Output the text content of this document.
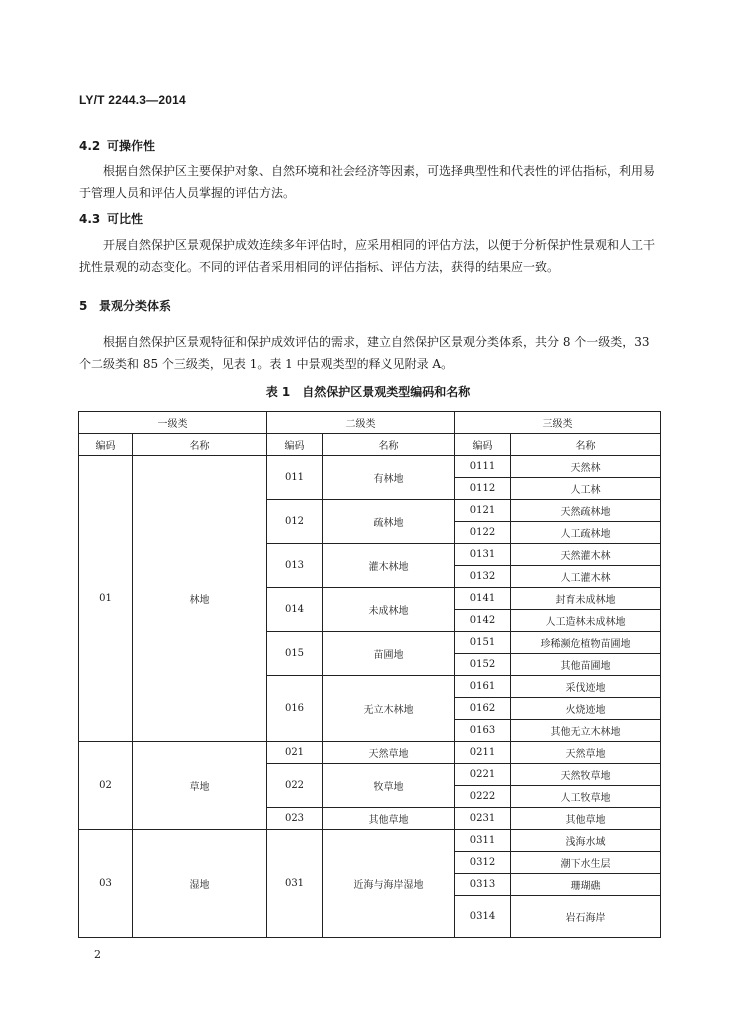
LY/T 2244.3—2014
4.2 可操作性
根据自然保护区主要保护对象、自然环境和社会经济等因素，可选择典型性和代表性的评估指标，利用易于管理人员和评估人员掌握的评估方法。
4.3 可比性
开展自然保护区景观保护成效连续多年评估时，应采用相同的评估方法，以便于分析保护性景观和人工干扰性景观的动态变化。不同的评估者采用相同的评估指标、评估方法，获得的结果应一致。
5 景观分类体系
根据自然保护区景观特征和保护成效评估的需求，建立自然保护区景观分类体系，共分 8 个一级类，33 个二级类和 85 个三级类，见表 1。表 1 中景观类型的释义见附录 A。
表 1　自然保护区景观类型编码和名称
一级类		二级类		三级类	
编码	名称	编码	名称	编码	名称
01	林地	011	有林地	0111	天然林
				0112	人工林
		012	疏林地	0121	天然疏林地
				0122	人工疏林地
		013	灌木林地	0131	天然灌木林
				0132	人工灌木林
		014	未成林地	0141	封育未成林地
				0142	人工造林未成林地
		015	苗圃地	0151	珍稀濒危植物苗圃地
				0152	其他苗圃地
		016	无立木林地	0161	采伐迹地
				0162	火烧迹地
				0163	其他无立木林地
02	草地	021	天然草地	0211	天然草地
		022	牧草地	0221	天然牧草地
				0222	人工牧草地
		023	其他草地	0231	其他草地
03	湿地	031	近海与海岸湿地	0311	浅海水域
				0312	潮下水生层
				0313	珊瑚礁
				0314	岩石海岸
2
